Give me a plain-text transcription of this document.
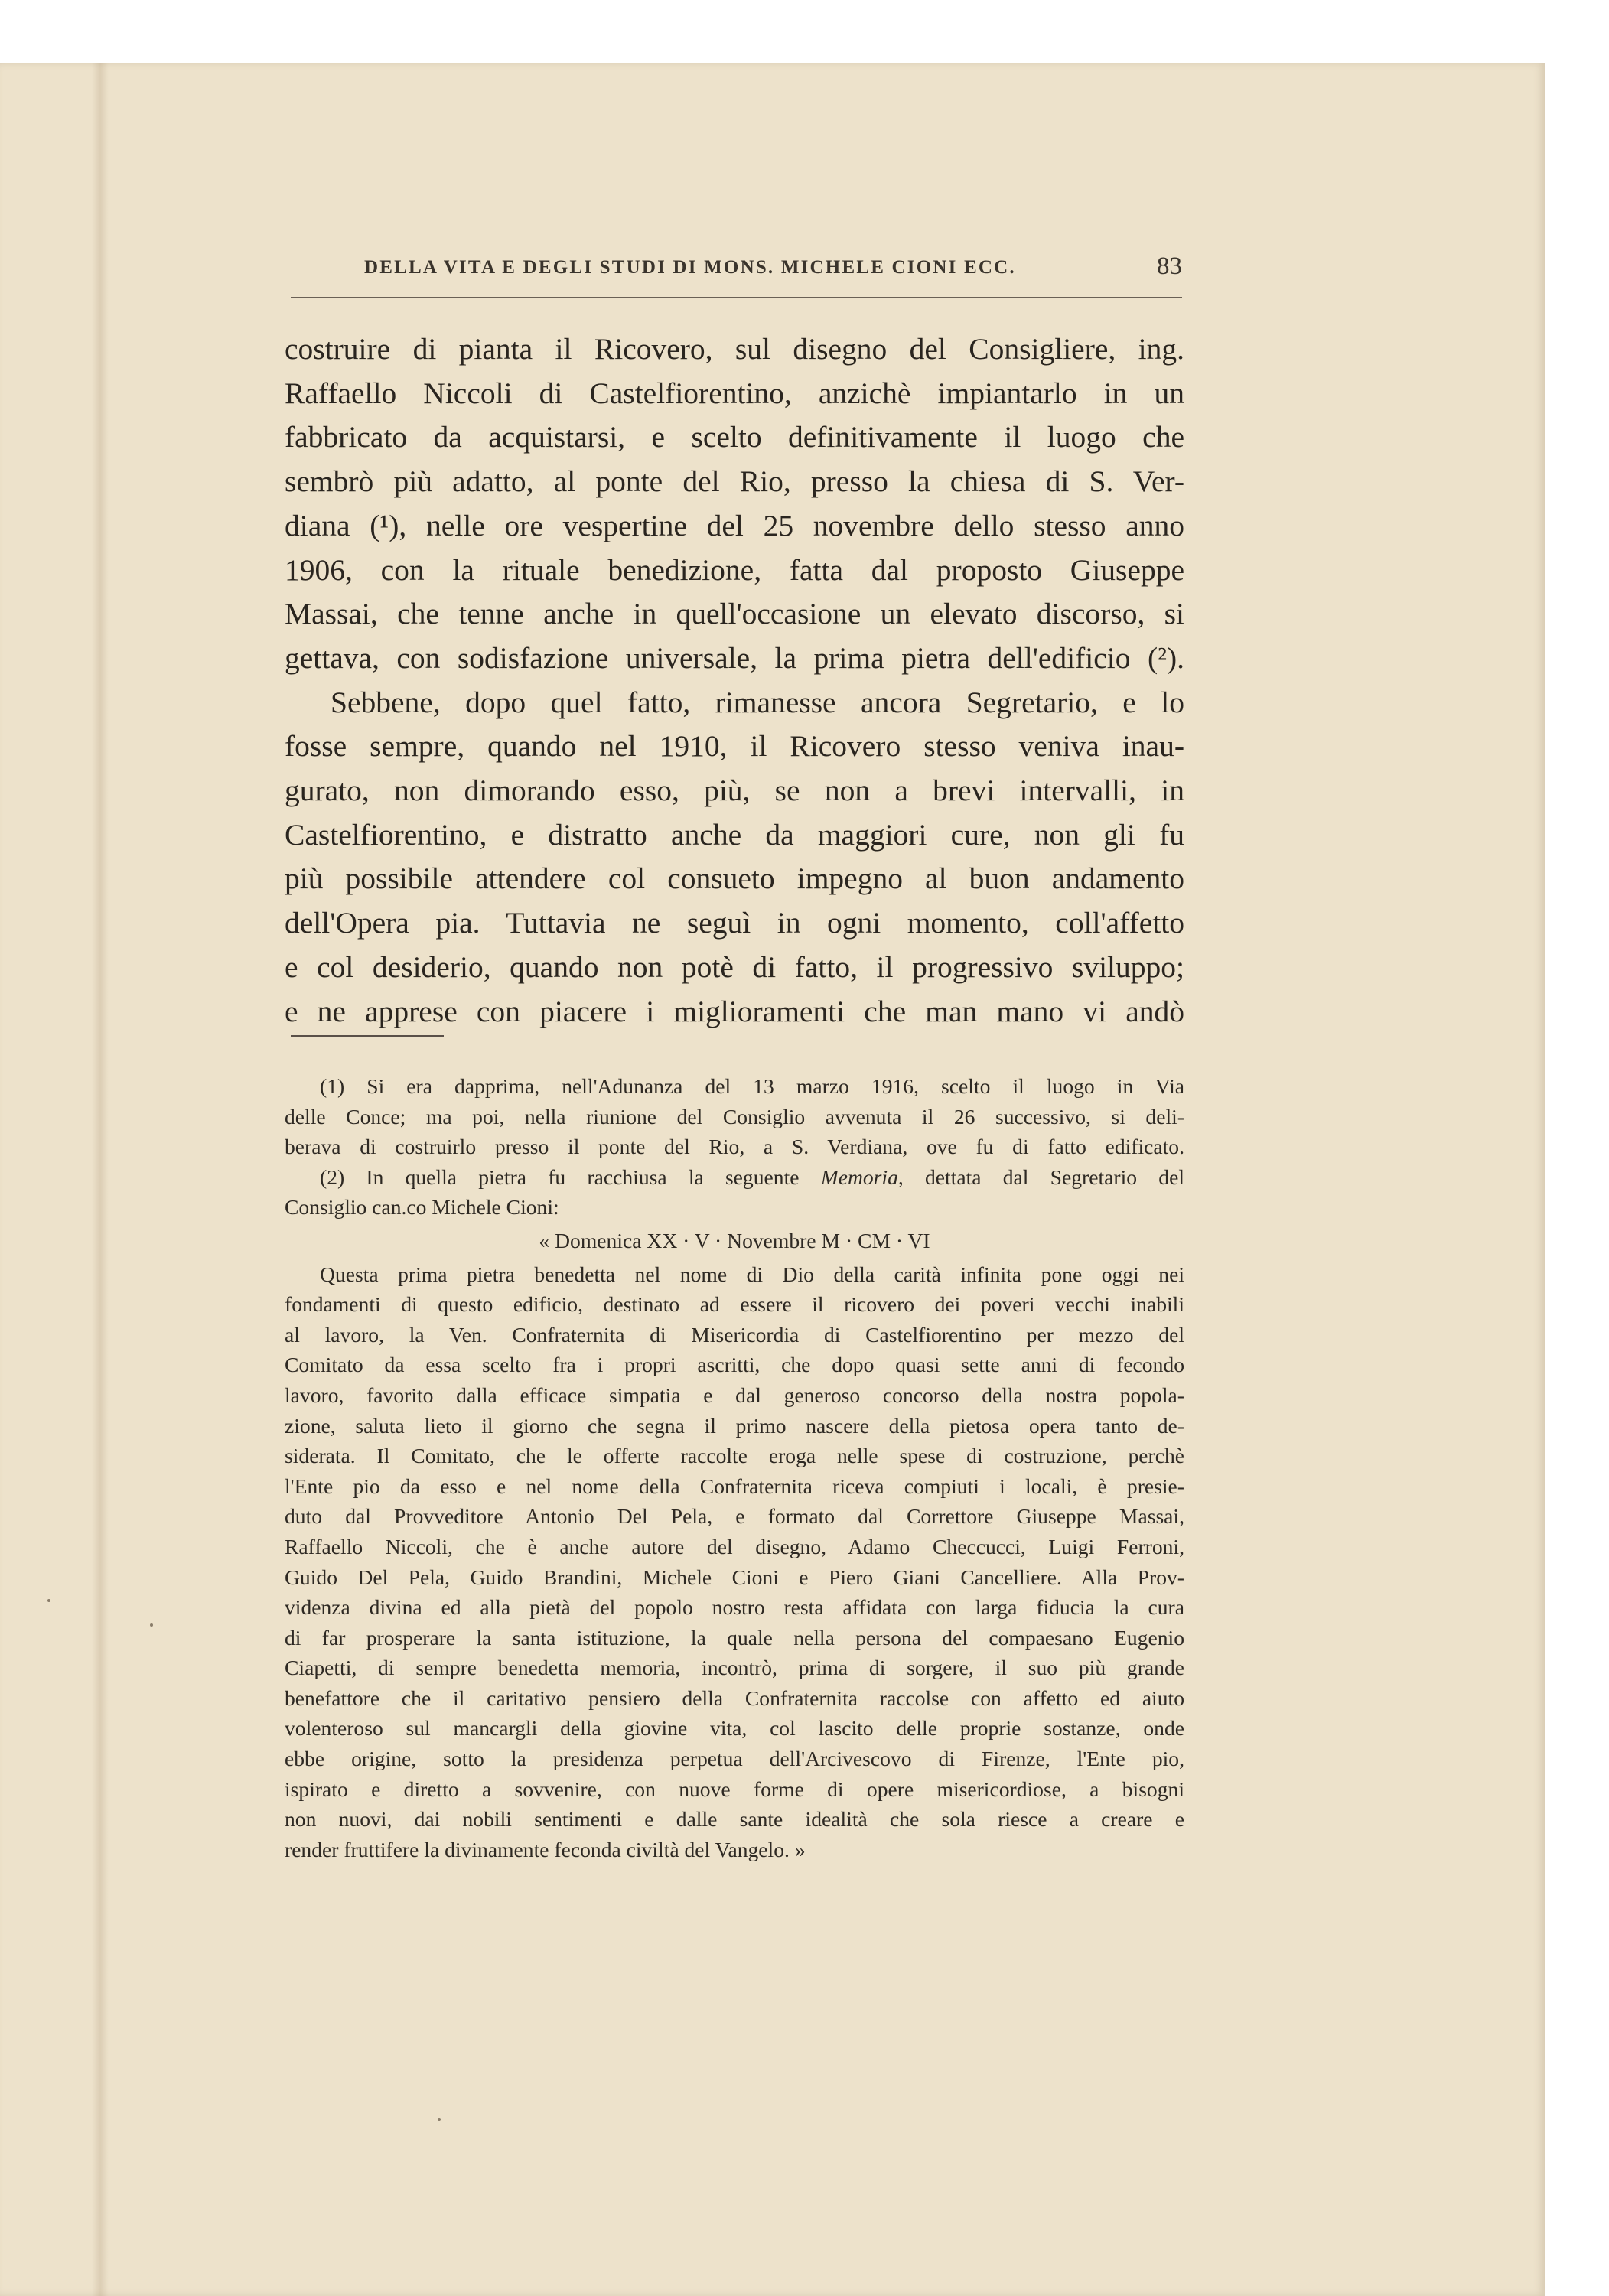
DELLA VITA E DEGLI STUDI DI MONS. MICHELE CIONI ECC.	83
costruire di pianta il Ricovero, sul disegno del Consigliere, ing.
Raffaello Niccoli di Castelfiorentino, anzichè impiantarlo in un
fabbricato da acquistarsi, e scelto definitivamente il luogo che
sembrò più adatto, al ponte del Rio, presso la chiesa di S. Ver-
diana (¹), nelle ore vespertine del 25 novembre dello stesso anno
1906, con la rituale benedizione, fatta dal proposto Giuseppe
Massai, che tenne anche in quell'occasione un elevato discorso, si
gettava, con sodisfazione universale, la prima pietra dell'edificio (²).
Sebbene, dopo quel fatto, rimanesse ancora Segretario, e lo
fosse sempre, quando nel 1910, il Ricovero stesso veniva inau-
gurato, non dimorando esso, più, se non a brevi intervalli, in
Castelfiorentino, e distratto anche da maggiori cure, non gli fu
più possibile attendere col consueto impegno al buon andamento
dell'Opera pia. Tuttavia ne seguì in ogni momento, coll'affetto
e col desiderio, quando non potè di fatto, il progressivo sviluppo;
e ne apprese con piacere i miglioramenti che man mano vi andò
(1) Si era dapprima, nell'Adunanza del 13 marzo 1916, scelto il luogo in Via
delle Conce; ma poi, nella riunione del Consiglio avvenuta il 26 successivo, si deli-
berava di costruirlo presso il ponte del Rio, a S. Verdiana, ove fu di fatto edificato.
(2) In quella pietra fu racchiusa la seguente Memoria, dettata dal Segretario del
Consiglio can.co Michele Cioni:
« Domenica XX · V · Novembre M · CM · VI
Questa prima pietra benedetta nel nome di Dio della carità infinita pone oggi nei
fondamenti di questo edificio, destinato ad essere il ricovero dei poveri vecchi inabili
al lavoro, la Ven. Confraternita di Misericordia di Castelfiorentino per mezzo del
Comitato da essa scelto fra i propri ascritti, che dopo quasi sette anni di fecondo
lavoro, favorito dalla efficace simpatia e dal generoso concorso della nostra popola-
zione, saluta lieto il giorno che segna il primo nascere della pietosa opera tanto de-
siderata. Il Comitato, che le offerte raccolte eroga nelle spese di costruzione, perchè
l'Ente pio da esso e nel nome della Confraternita riceva compiuti i locali, è presie-
duto dal Provveditore Antonio Del Pela, e formato dal Correttore Giuseppe Massai,
Raffaello Niccoli, che è anche autore del disegno, Adamo Checcucci, Luigi Ferroni,
Guido Del Pela, Guido Brandini, Michele Cioni e Piero Giani Cancelliere. Alla Prov-
videnza divina ed alla pietà del popolo nostro resta affidata con larga fiducia la cura
di far prosperare la santa istituzione, la quale nella persona del compaesano Eugenio
Ciapetti, di sempre benedetta memoria, incontrò, prima di sorgere, il suo più grande
benefattore che il caritativo pensiero della Confraternita raccolse con affetto ed aiuto
volenteroso sul mancargli della giovine vita, col lascito delle proprie sostanze, onde
ebbe origine, sotto la presidenza perpetua dell'Arcivescovo di Firenze, l'Ente pio,
ispirato e diretto a sovvenire, con nuove forme di opere misericordiose, a bisogni
non nuovi, dai nobili sentimenti e dalle sante idealità che sola riesce a creare e
render fruttifere la divinamente feconda civiltà del Vangelo. »
